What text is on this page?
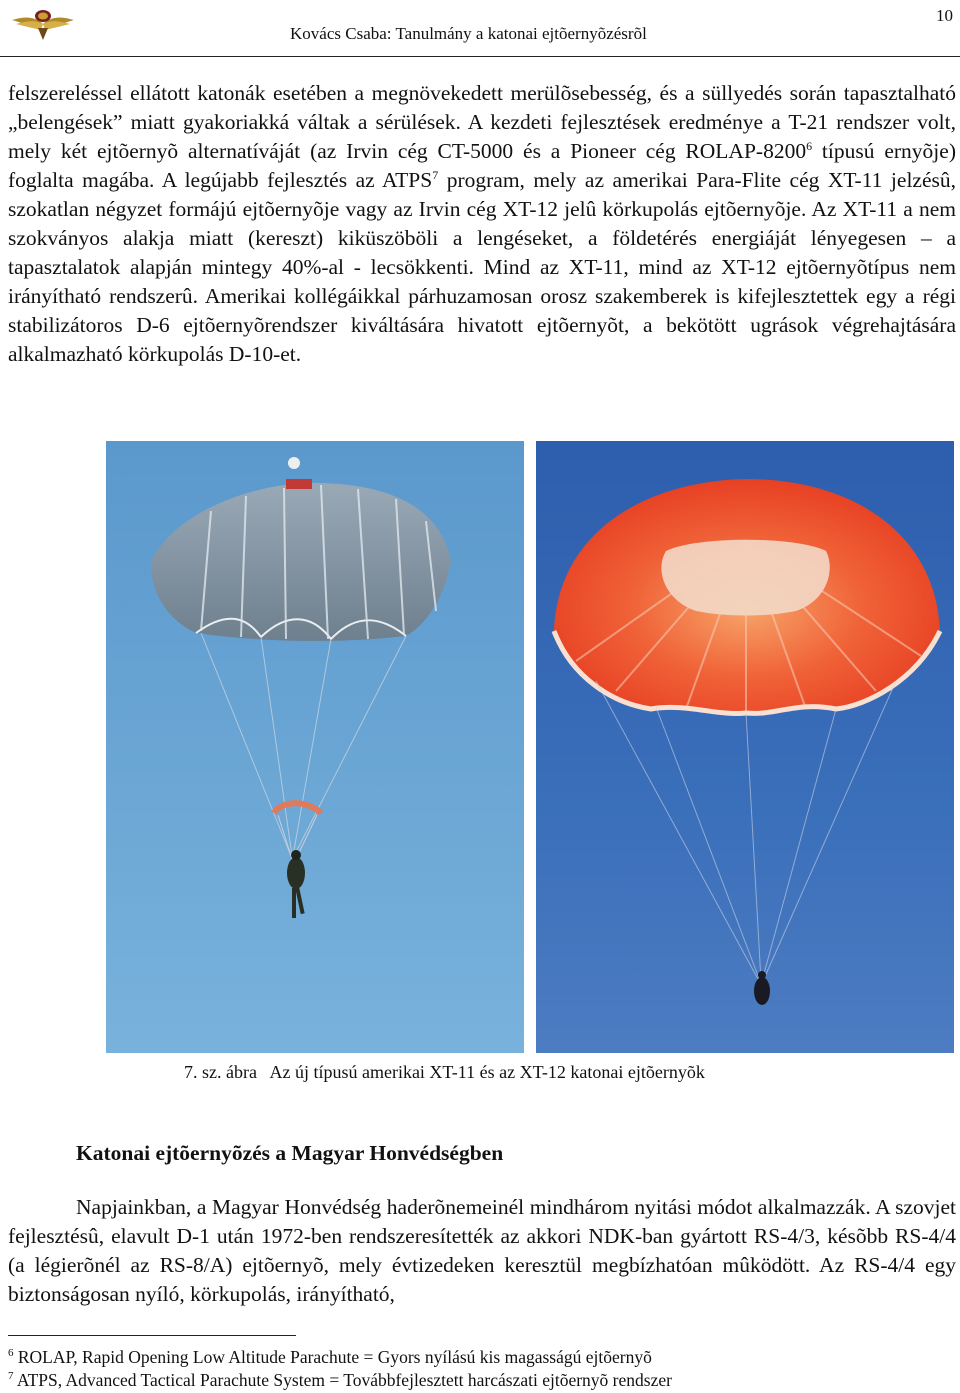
Kovács Csaba: Tanulmány a katonai ejtõernyõzésrõl
10

felszereléssel ellátott katonák esetében a megnövekedett merülõsebesség, és a süllyedés során tapasztalható „belengések” miatt gyakoriakká váltak a sérülések. A kezdeti fejlesztések eredménye a T-21 rendszer volt, mely két ejtõernyõ alternatíváját (az Irvin cég CT-5000 és a Pioneer cég ROLAP-8200$^6$ típusú ernyõje) foglalta magába. A legújabb fejlesztés az ATPS$^7$ program, mely az amerikai Para-Flite cég XT-11 jelzésû, szokatlan négyzet formájú ejtõernyõje vagy az Irvin cég XT-12 jelû körkupolás ejtõernyõje. Az XT-11 a nem szokványos alakja miatt (kereszt) kiküszöböli a lengéseket, a földetérés energiáját lényegesen – a tapasztalatok alapján mintegy 40%-al - lecsökkenti. Mind az XT-11, mind az XT-12 ejtõernyõtípus nem irányítható rendszerû. Amerikai kollégáikkal párhuzamosan orosz szakemberek is kifejlesztettek egy a régi stabilizátoros D-6 ejtõernyõrendszer kiváltására hivatott ejtõernyõt, a bekötött ugrások végrehajtására alkalmazható körkupolás D-10-et.

7. sz. ábra   Az új típusú amerikai XT-11 és az XT-12 katonai ejtõernyõk
Katonai ejtõernyõzés a Magyar Honvédségben

Napjainkban, a Magyar Honvédség haderõnemeinél mindhárom nyitási módot alkalmazzák. A szovjet fejlesztésû, elavult D-1 után 1972-ben rendszeresítették az akkori NDK-ban gyártott RS-4/3, késõbb RS-4/4 (a légierõnél az RS-8/A) ejtõernyõ, mely évtizedeken keresztül megbízhatóan mûködött. Az RS-4/4 egy biztonságosan nyíló, körkupolás, irányítható,

$^6$ ROLAP, Rapid Opening Low Altitude Parachute = Gyors nyílású kis magasságú ejtõernyõ
$^7$ ATPS, Advanced Tactical Parachute System = Továbbfejlesztett harcászati ejtõernyõ rendszer
